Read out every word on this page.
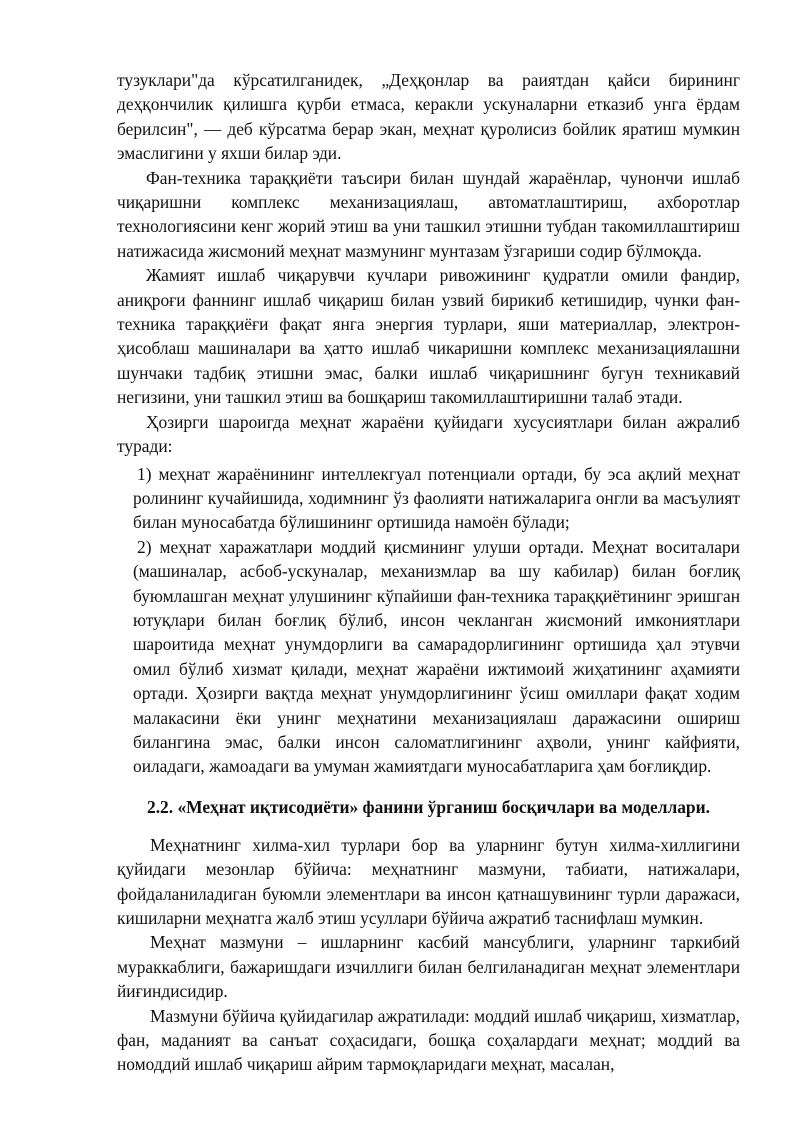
тузуклари"да кўрсатилганидек, „Деҳқонлар ва раиятдан қайси бирининг деҳқончилик қилишга қурби етмаса, керакли ускуналарни етказиб унга ёрдам берилсин", — деб кўрсатма берар экан, меҳнат қуролисиз бойлик яратиш мумкин эмаслигини у яхши билар эди.

Фан-техника тараққиёти таъсири билан шундай жараёнлар, чунончи ишлаб чиқаришни комплекс механизациялаш, автоматлаштириш, ахборотлар технологиясини кенг жорий этиш ва уни ташкил этишни тубдан такомиллаштириш натижасида жисмоний меҳнат мазмунинг мунтазам ўзгариши содир бўлмоқда.

Жамият ишлаб чиқарувчи кучлари ривожининг қудратли омили фандир, аниқроғи фаннинг ишлаб чиқариш билан узвий бирикиб кетишидир, чунки фан-техника тараққиёғи фақат янга энергия турлари, яши материаллар, электрон-ҳисоблаш машиналари ва ҳатто ишлаб чикаришни комплекс механизациялашни шунчаки тадбиқ этишни эмас, балки ишлаб чиқаришнинг бугун техникавий негизини, уни ташкил этиш ва бошқариш такомиллаштиришни талаб этади.

Ҳозирги шароигда меҳнат жараёни қуйидаги хусусиятлари билан ажралиб туради:

1) меҳнат жараёнининг интеллекгуал потенциали ортади, бу эса ақлий меҳнат ролининг кучайишида, ходимнинг ўз фаолияти натижаларига онгли ва масъулият билан муносабатда бўлишининг ортишида намоён бўлади;

2) меҳнат харажатлари моддий қисмининг улуши ортади. Меҳнат воситалари (машиналар, асбоб-ускуналар, механизмлар ва шу кабилар) билан боғлиқ буюмлашган меҳнат улушининг кўпайиши фан-техника тараққиётининг эришган ютуқлари билан боғлиқ бўлиб, инсон чекланган жисмоний имкониятлари шароитида меҳнат унумдорлиги ва самарадорлигининг ортишида ҳал этувчи омил бўлиб хизмат қилади, меҳнат жараёни ижтимоий жиҳатининг аҳамияти ортади. Ҳозирги вақтда меҳнат унумдорлигининг ўсиш омиллари фақат ходим малакасини ёки унинг меҳнатини механизациялаш даражасини ошириш билангина эмас, балки инсон саломатлигининг аҳволи, унинг кайфияти, оиладаги, жамоадаги ва умуман жамиятдаги муносабатларига ҳам боғлиқдир.

2.2. «Меҳнат иқтисодиёти» фанини ўрганиш босқичлари ва моделлари.

Меҳнатнинг хилма-хил турлари бор ва уларнинг бутун хилма-хиллигини қуйидаги мезонлар бўйича: меҳнатнинг мазмуни, табиати, натижалари, фойдаланиладиган буюмли элементлари ва инсон қатнашувининг турли даражаси, кишиларни меҳнатга жалб этиш усуллари бўйича ажратиб таснифлаш мумкин.

Меҳнат мазмуни – ишларнинг касбий мансублиги, уларнинг таркибий мураккаблиги, бажаришдаги изчиллиги билан белгиланадиган меҳнат элементлари йиғиндисидир.

Мазмуни бўйича қуйидагилар ажратилади: моддий ишлаб чиқариш, хизматлар, фан, маданият ва санъат соҳасидаги, бошқа соҳалардаги меҳнат; моддий ва номоддий ишлаб чиқариш айрим тармоқларидаги меҳнат, масалан,
